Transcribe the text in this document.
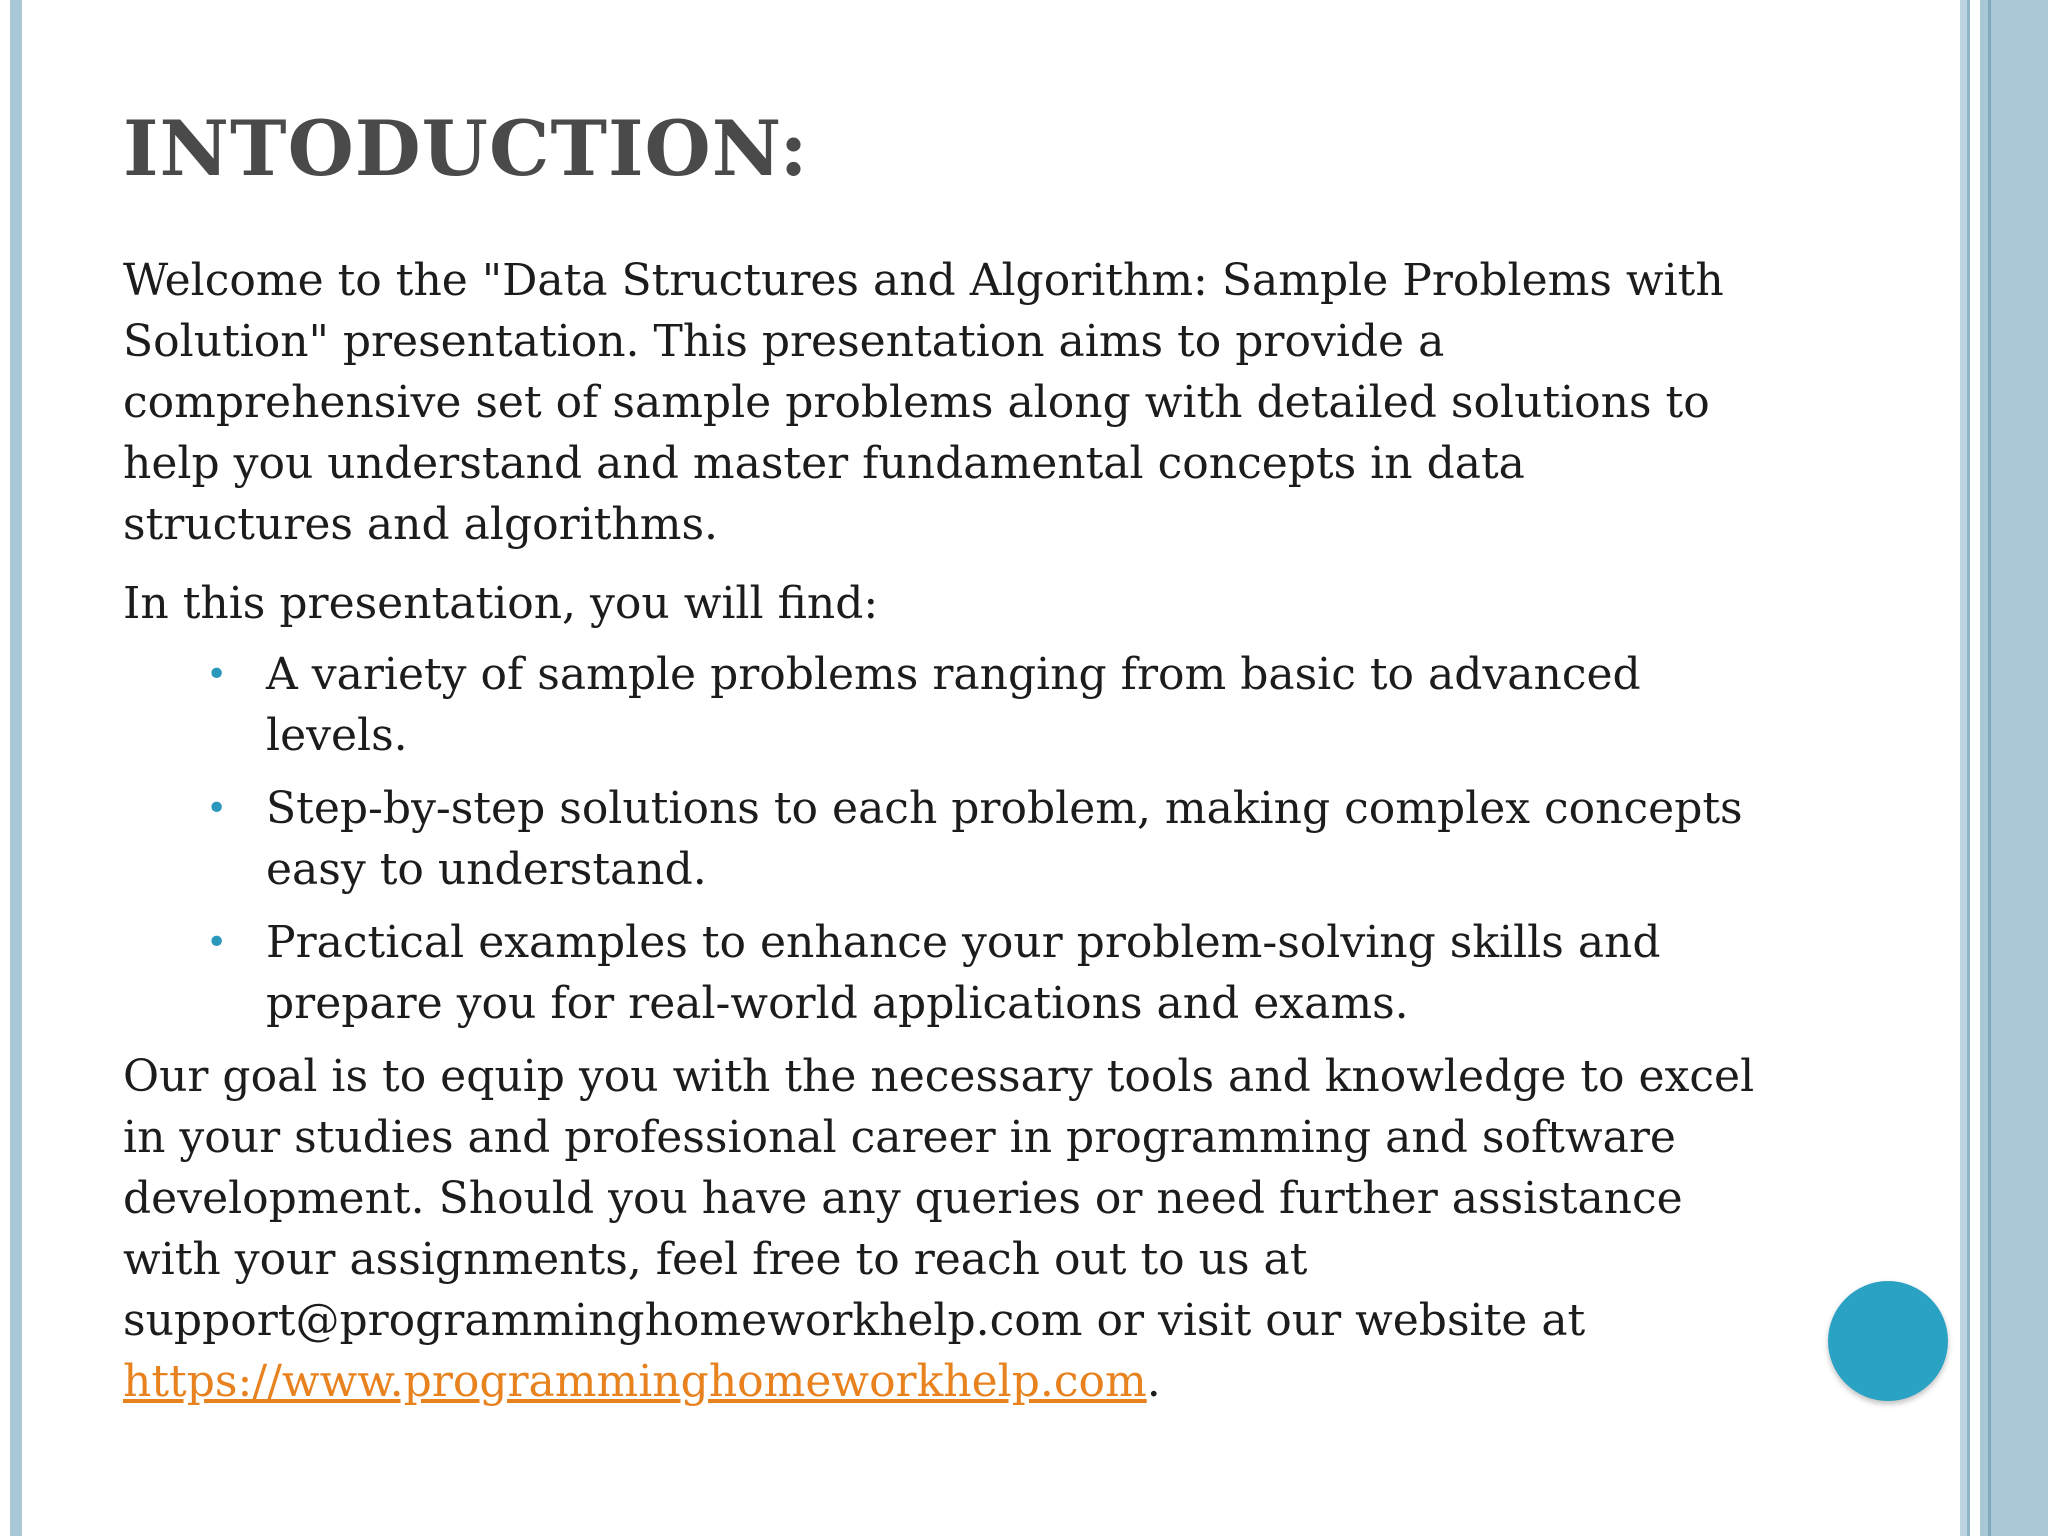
INTODUCTION:

Welcome to the "Data Structures and Algorithm: Sample Problems with Solution" presentation. This presentation aims to provide a comprehensive set of sample problems along with detailed solutions to help you understand and master fundamental concepts in data structures and algorithms.

In this presentation, you will find:

• A variety of sample problems ranging from basic to advanced levels.
• Step-by-step solutions to each problem, making complex concepts easy to understand.
• Practical examples to enhance your problem-solving skills and prepare you for real-world applications and exams.

Our goal is to equip you with the necessary tools and knowledge to excel in your studies and professional career in programming and software development. Should you have any queries or need further assistance with your assignments, feel free to reach out to us at support@programminghomeworkhelp.com or visit our website at https://www.programminghomeworkhelp.com.
